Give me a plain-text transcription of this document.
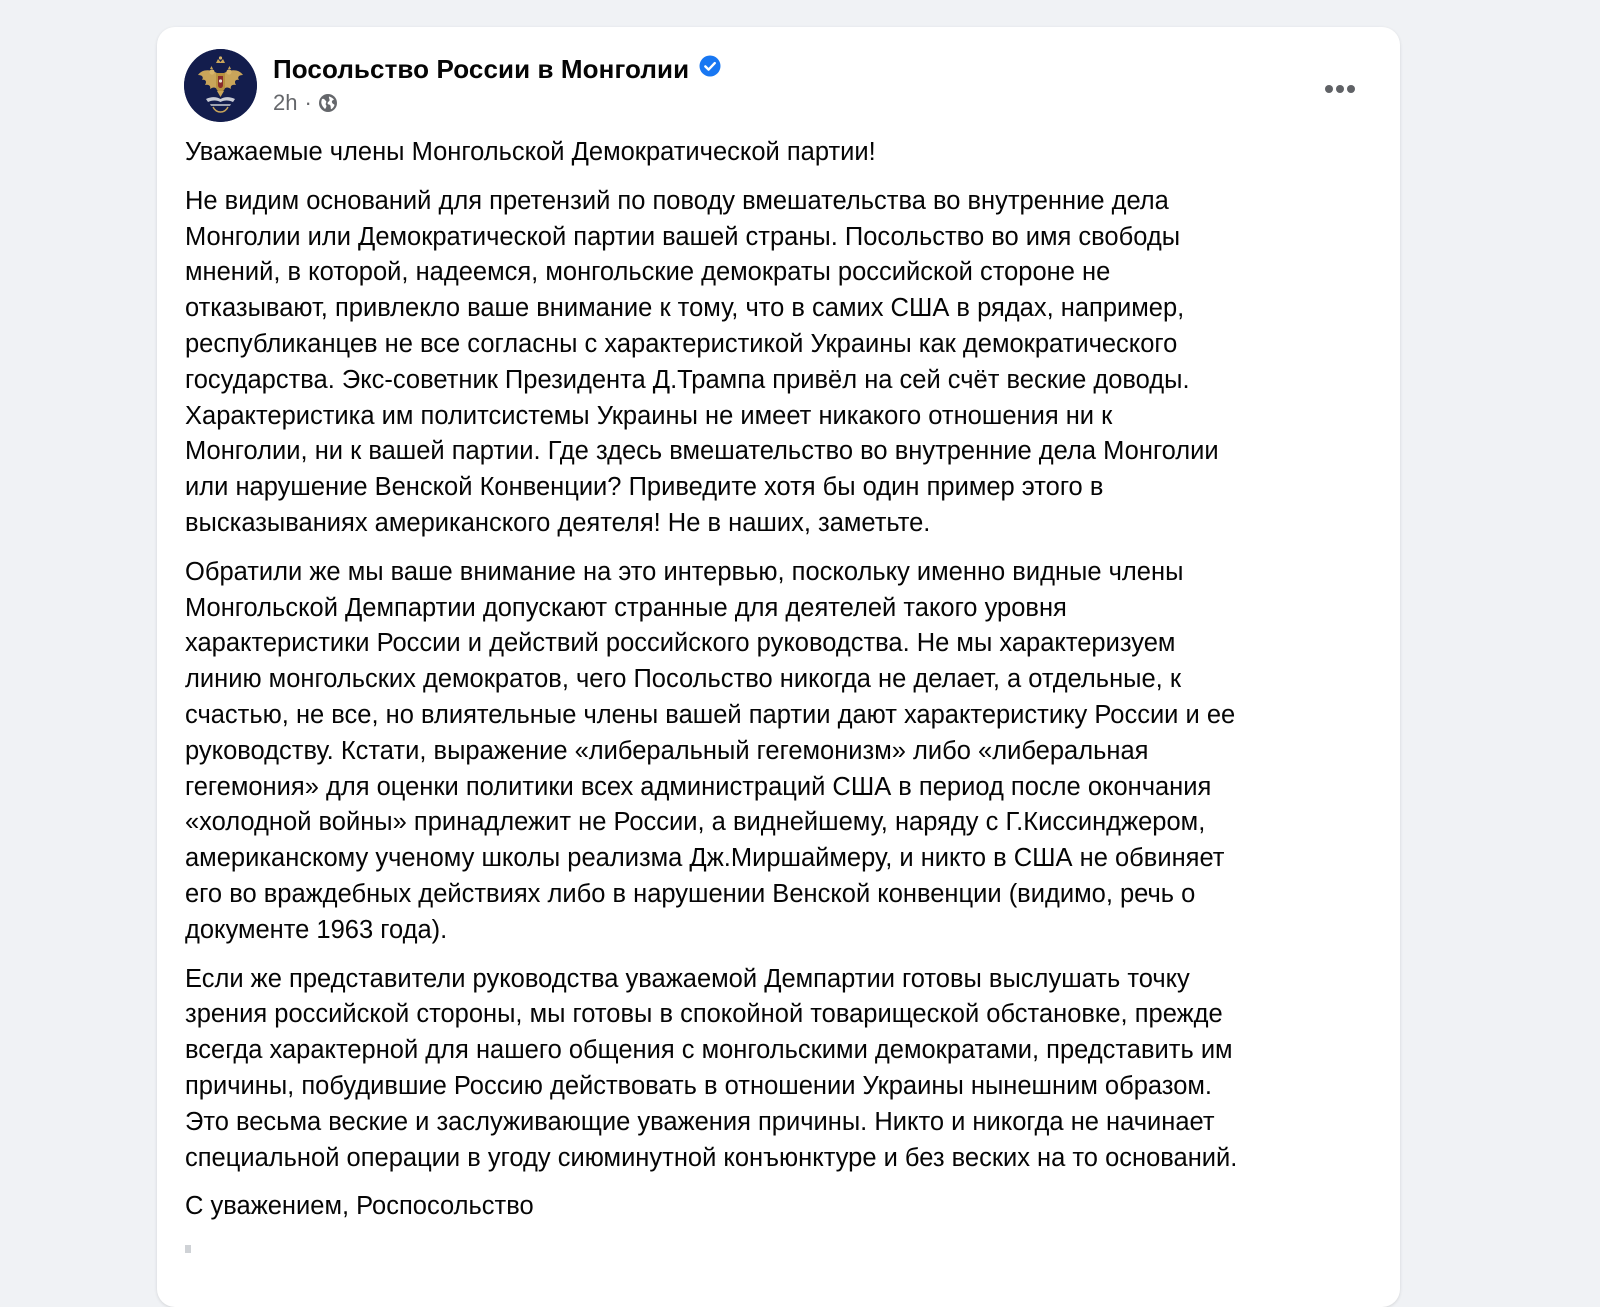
Посольство России в Монголии
2h ·

Уважаемые члены Монгольской Демократической партии!

Не видим оснований для претензий по поводу вмешательства во внутренние дела
Монголии или Демократической партии вашей страны. Посольство во имя свободы
мнений, в которой, надеемся, монгольские демократы российской стороне не
отказывают, привлекло ваше внимание к тому, что в самих США в рядах, например,
республиканцев не все согласны с характеристикой Украины как демократического
государства. Экс-советник Президента Д.Трампа привёл на сей счёт веские доводы.
Характеристика им политсистемы Украины не имеет никакого отношения ни к
Монголии, ни к вашей партии. Где здесь вмешательство во внутренние дела Монголии
или нарушение Венской Конвенции? Приведите хотя бы один пример этого в
высказываниях американского деятеля! Не в наших, заметьте.

Обратили же мы ваше внимание на это интервью, поскольку именно видные члены
Монгольской Демпартии допускают странные для деятелей такого уровня
характеристики России и действий российского руководства. Не мы характеризуем
линию монгольских демократов, чего Посольство никогда не делает, а отдельные, к
счастью, не все, но влиятельные члены вашей партии дают характеристику России и ее
руководству. Кстати, выражение «либеральный гегемонизм» либо «либеральная
гегемония» для оценки политики всех администраций США в период после окончания
«холодной войны» принадлежит не России, а виднейшему, наряду с Г.Киссинджером,
американскому ученому школы реализма Дж.Миршаймеру, и никто в США не обвиняет
его во враждебных действиях либо в нарушении Венской конвенции (видимо, речь о
документе 1963 года).

Если же представители руководства уважаемой Демпартии готовы выслушать точку
зрения российской стороны, мы готовы в спокойной товарищеской обстановке, прежде
всегда характерной для нашего общения с монгольскими демократами, представить им
причины, побудившие Россию действовать в отношении Украины нынешним образом.
Это весьма веские и заслуживающие уважения причины. Никто и никогда не начинает
специальной операции в угоду сиюминутной конъюнктуре и без веских на то оснований.

С уважением, Роспосольство
